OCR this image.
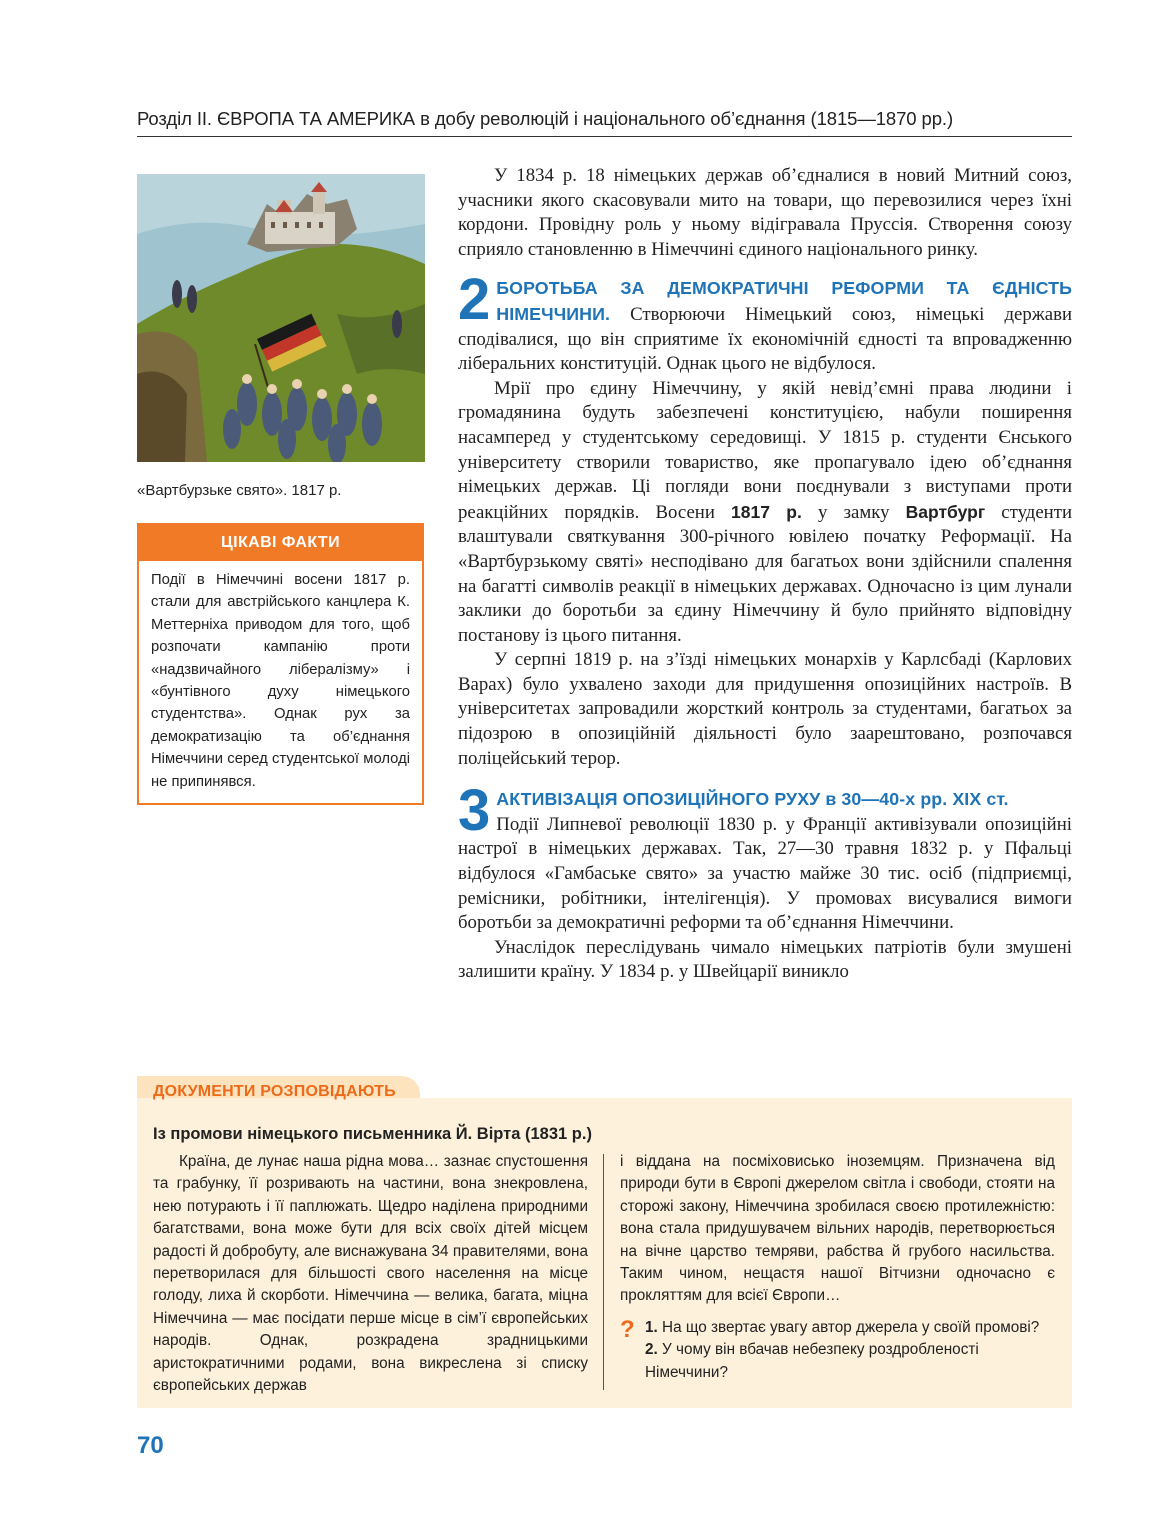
Розділ ІІ. ЄВРОПА ТА АМЕРИКА в добу революцій і національного об’єднання (1815—1870 рр.)
«Вартбурзьке свято». 1817 р.
ЦІКАВІ ФАКТИ
Події в Німеччині восени 1817 р. стали для австрійського канцлера К. Меттерніха приводом для того, щоб розпочати кампанію проти «надзвичайного лібералізму» і «бунтівного духу німецького студентства». Однак рух за демократизацію та об’єднання Німеччини серед студентської молоді не припинявся.

У 1834 р. 18 німецьких держав об’єдналися в новий Митний союз, учасники якого скасовували мито на товари, що перевозилися через їхні кордони. Провідну роль у ньому відігравала Пруссія. Створення союзу сприяло становленню в Німеччині єдиного національного ринку.

2 БОРОТЬБА ЗА ДЕМОКРАТИЧНІ РЕФОРМИ ТА ЄДНІСТЬ НІМЕЧЧИНИ. Створюючи Німецький союз, німецькі держави сподівалися, що він сприятиме їх економічній єдності та впровадженню ліберальних конституцій. Однак цього не відбулося.

Мрії про єдину Німеччину, у якій невід’ємні права людини і громадянина будуть забезпечені конституцією, набули поширення насамперед у студентському середовищі. У 1815 р. студенти Єнського університету створили товариство, яке пропагувало ідею об’єднання німецьких держав. Ці погляди вони поєднували з виступами проти реакційних порядків. Восени 1817 р. у замку Вартбург студенти влаштували святкування 300-річного ювілею початку Реформації. На «Вартбурзькому святі» несподівано для багатьох вони здійснили спалення на багатті символів реакції в німецьких державах. Одночасно із цим лунали заклики до боротьби за єдину Німеччину й було прийнято відповідну постанову із цього питання.

У серпні 1819 р. на з’їзді німецьких монархів у Карлсбаді (Карлових Варах) було ухвалено заходи для придушення опозиційних настроїв. В університетах запровадили жорсткий контроль за студентами, багатьох за підозрою в опозиційній діяльності було заарештовано, розпочався поліцейський терор.

3 АКТИВІЗАЦІЯ ОПОЗИЦІЙНОГО РУХУ в 30—40-х рр. XIX ст.
Події Липневої революції 1830 р. у Франції активізували опозиційні настрої в німецьких державах. Так, 27—30 травня 1832 р. у Пфальці відбулося «Гамбаське свято» за участю майже 30 тис. осіб (підприємці, ремісники, робітники, інтелігенція). У промовах висувалися вимоги боротьби за демократичні реформи та об’єднання Німеччини.

Унаслідок переслідувань чимало німецьких патріотів були змушені залишити країну. У 1834 р. у Швейцарії виникло

ДОКУМЕНТИ РОЗПОВІДАЮТЬ
Із промови німецького письменника Й. Вірта (1831 р.)
Країна, де лунає наша рідна мова… зазнає спустошення та грабунку, її розривають на частини, вона знекровлена, нею потурають і її паплюжать. Щедро наділена природними багатствами, вона може бути для всіх своїх дітей місцем радості й добробуту, але виснажувана 34 правителями, вона перетворилася для більшості свого населення на місце голоду, лиха й скорботи. Німеччина — велика, багата, міцна Німеччина — має посідати перше місце в сім’ї європейських народів. Однак, розкрадена зрадницькими аристократичними родами, вона викреслена зі списку європейських держав
і віддана на посміховисько іноземцям. Призначена від природи бути в Європі джерелом світла і свободи, стояти на сторожі закону, Німеччина зробилася своєю протилежністю: вона стала придушувачем вільних народів, перетворюється на вічне царство темряви, рабства й грубого насильства. Таким чином, нещастя нашої Вітчизни одночасно є прокляттям для всієї Європи…
? 1. На що звертає увагу автор джерела у своїй промові? 2. У чому він вбачав небезпеку роздробленості Німеччини?
70
